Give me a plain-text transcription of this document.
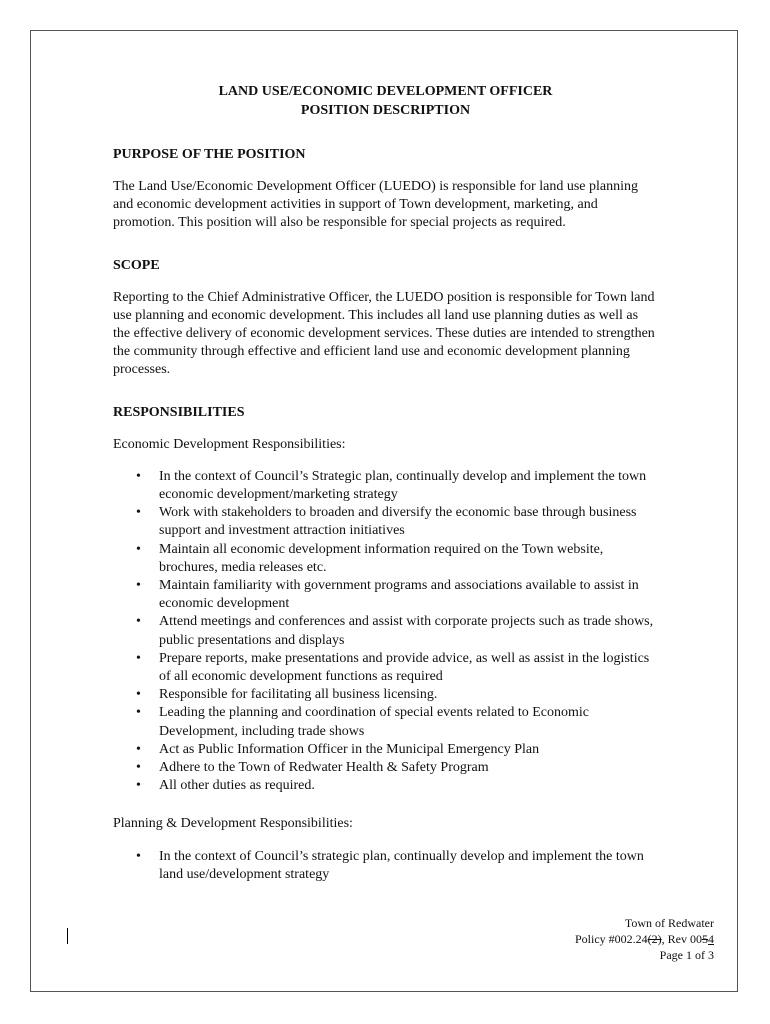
LAND USE/ECONOMIC DEVELOPMENT OFFICER
POSITION DESCRIPTION
PURPOSE OF THE POSITION

The Land Use/Economic Development Officer (LUEDO) is responsible for land use planning and economic development activities in support of Town development, marketing, and promotion. This position will also be responsible for special projects as required.

SCOPE

Reporting to the Chief Administrative Officer, the LUEDO position is responsible for Town land use planning and economic development. This includes all land use planning duties as well as the effective delivery of economic development services. These duties are intended to strengthen the community through effective and efficient land use and economic development planning processes.

RESPONSIBILITIES

Economic Development Responsibilities:

• In the context of Council’s Strategic plan, continually develop and implement the town economic development/marketing strategy
• Work with stakeholders to broaden and diversify the economic base through business support and investment attraction initiatives
• Maintain all economic development information required on the Town website, brochures, media releases etc.
• Maintain familiarity with government programs and associations available to assist in economic development
• Attend meetings and conferences and assist with corporate projects such as trade shows, public presentations and displays
• Prepare reports, make presentations and provide advice, as well as assist in the logistics of all economic development functions as required
• Responsible for facilitating all business licensing.
• Leading the planning and coordination of special events related to Economic Development, including trade shows
• Act as Public Information Officer in the Municipal Emergency Plan
• Adhere to the Town of Redwater Health & Safety Program
• All other duties as required.

Planning & Development Responsibilities:

• In the context of Council’s strategic plan, continually develop and implement the town land use/development strategy
Town of Redwater
Policy #002.24(2), Rev 0054
Page 1 of 3
